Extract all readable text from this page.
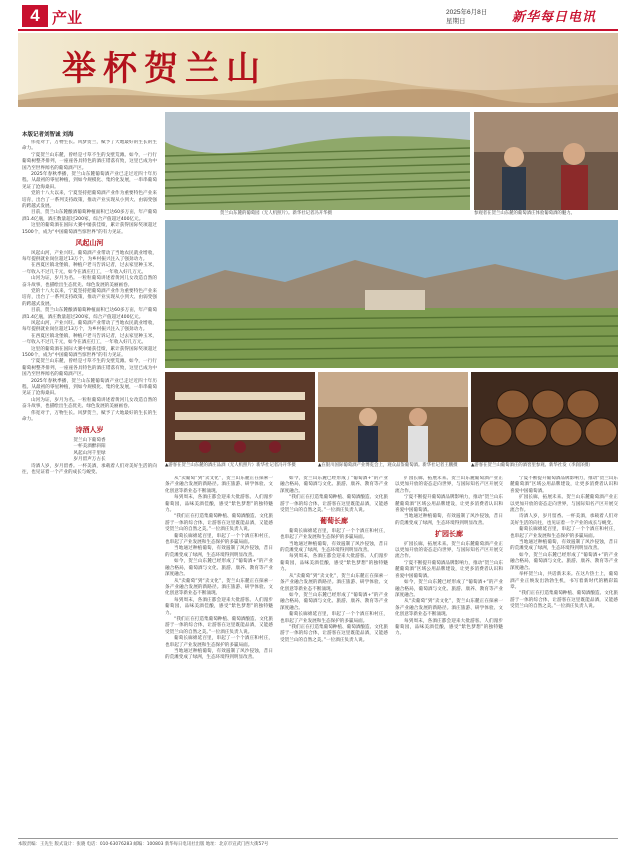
4 产业	2025年6月8日
星期日	新华每日电讯
举杯贺兰山
本版记者刘智诚 刘海
贺兰山东麓的葡萄园（无人机照片）。新华社记者冯开华摄	参观者在贺兰山东麓的葡萄酒庄体验葡萄酒的魅力。
▲游客在贺兰山东麓的酒庄品酒（无人机照片）新华社记者冯开华摄	▲在银川国际葡萄酒产业博览会上，观众品鉴葡萄酒。新华社记者王鹏摄	▲游客在贺兰山葡萄酒庄的酒窖里参观。新华社发（李润泽摄）

伟宽对于，万物生长。风梦贺兰，赋予了大地最好的生长的生命力。

宁夏贺兰山东麓，曾经是寸草不生的戈壁荒滩。如今，一行行葡萄树整齐排列，一座座各具特色的酒庄错落有致，这里已成为中国乃至世界闻名的葡萄酒产区。

2025年春秋季播，贺兰山东麓葡萄酒产业已走过近四十年历程。从最初的零星种植，到如今规模化、集约化发展，一串串葡萄见证了沧海桑田。

党的十八大以来，宁夏坚持把葡萄酒产业作为重要特色产业来培育，出台了一系列支持政策，推动产业实现从小到大、由弱变强的跨越式发展。

目前，贺兰山东麓酿酒葡萄种植面积已达60多万亩，年产葡萄酒1.4亿瓶，酒庄数量超过200家，综合产值超过400亿元。

这里的葡萄酒在国际大赛中屡获佳绩，累计获得国际奖项超过1500个，成为“中国葡萄酒当惊世界”的有力见证。

风起山河

风起山河，产业兴旺。葡萄酒产业带动了当地农民就业增收，每年提供就业岗位超过13万个，为乡村振兴注入了强劲动力。

在西夏区镇北堡镇，种植户老马告诉记者，过去家里种玉米，一年收入不过几千元，如今在酒庄打工，一年收入好几万元。

山河为证，岁月为名。一粒粒葡萄讲述着黄河儿女改造自然的奋斗故事，也描绘出生态优先、绿色发展的美丽画卷。

党的十八大以来，宁夏坚持把葡萄酒产业作为重要特色产业来培育，出台了一系列支持政策，推动产业实现从小到大、由弱变强的跨越式发展。

目前，贺兰山东麓酿酒葡萄种植面积已达60多万亩，年产葡萄酒1.4亿瓶，酒庄数量超过200家，综合产值超过400亿元。

风起山河，产业兴旺。葡萄酒产业带动了当地农民就业增收，每年提供就业岗位超过13万个，为乡村振兴注入了强劲动力。

在西夏区镇北堡镇，种植户老马告诉记者，过去家里种玉米，一年收入不过几千元，如今在酒庄打工，一年收入好几万元。

这里的葡萄酒在国际大赛中屡获佳绩，累计获得国际奖项超过1500个，成为“中国葡萄酒当惊世界”的有力见证。

宁夏贺兰山东麓，曾经是寸草不生的戈壁荒滩。如今，一行行葡萄树整齐排列，一座座各具特色的酒庄错落有致，这里已成为中国乃至世界闻名的葡萄酒产区。

2025年春秋季播，贺兰山东麓葡萄酒产业已走过近四十年历程。从最初的零星种植，到如今规模化、集约化发展，一串串葡萄见证了沧海桑田。

山河为证，岁月为名。一粒粒葡萄讲述着黄河儿女改造自然的奋斗故事，也描绘出生态优先、绿色发展的美丽画卷。

伟宽对于，万物生长。风梦贺兰，赋予了大地最好的生长的生命力。

诗酒人岁
贺兰山下葡萄香
一杯美酒醉斜阳
风起山河千里绿
岁月留声万古长

诗酒人岁，岁月留香。一杯美酒，承载着人们对美好生活的向往，也见证着一个产业的成长与蜕变。

从“卖葡萄”到“卖文化”，贺兰山东麓正在探索一条产业融合发展的新路径。酒庄旅游、研学体验、文化创意等新业态不断涌现。

每到周末，各酒庄都会迎来大批游客。人们漫步葡萄园，品味美酒佳酿，感受“紫色梦想”的独特魅力。

“我们正在打造集葡萄种植、葡萄酒酿造、文化旅游于一体的综合体，让游客在这里既能品酒，又能感受贺兰山的自然之美。”一位酒庄负责人说。

葡萄长廊绵延百里，串起了一个个酒庄和村庄，也串起了产业发展和生态保护的多赢局面。

当地通过种植葡萄，有效遏制了风沙侵蚀，昔日的荒滩变成了绿洲，生态环境得到明显改善。

如今，贺兰山东麓已经形成了“葡萄酒+”的产业融合格局，葡萄酒与文化、旅游、康养、教育等产业深度融合。

从“卖葡萄”到“卖文化”，贺兰山东麓正在探索一条产业融合发展的新路径。酒庄旅游、研学体验、文化创意等新业态不断涌现。

每到周末，各酒庄都会迎来大批游客。人们漫步葡萄园，品味美酒佳酿，感受“紫色梦想”的独特魅力。

“我们正在打造集葡萄种植、葡萄酒酿造、文化旅游于一体的综合体，让游客在这里既能品酒，又能感受贺兰山的自然之美。”一位酒庄负责人说。

葡萄长廊绵延百里，串起了一个个酒庄和村庄，也串起了产业发展和生态保护的多赢局面。

当地通过种植葡萄，有效遏制了风沙侵蚀，昔日的荒滩变成了绿洲，生态环境得到明显改善。

如今，贺兰山东麓已经形成了“葡萄酒+”的产业融合格局，葡萄酒与文化、旅游、康养、教育等产业深度融合。

“我们正在打造集葡萄种植、葡萄酒酿造、文化旅游于一体的综合体，让游客在这里既能品酒，又能感受贺兰山的自然之美。”一位酒庄负责人说。

葡萄长廊

葡萄长廊绵延百里，串起了一个个酒庄和村庄，也串起了产业发展和生态保护的多赢局面。

当地通过种植葡萄，有效遏制了风沙侵蚀，昔日的荒滩变成了绿洲，生态环境得到明显改善。

每到周末，各酒庄都会迎来大批游客。人们漫步葡萄园，品味美酒佳酿，感受“紫色梦想”的独特魅力。

从“卖葡萄”到“卖文化”，贺兰山东麓正在探索一条产业融合发展的新路径。酒庄旅游、研学体验、文化创意等新业态不断涌现。

如今，贺兰山东麓已经形成了“葡萄酒+”的产业融合格局，葡萄酒与文化、旅游、康养、教育等产业深度融合。

葡萄长廊绵延百里，串起了一个个酒庄和村庄，也串起了产业发展和生态保护的多赢局面。

“我们正在打造集葡萄种植、葡萄酒酿造、文化旅游于一体的综合体，让游客在这里既能品酒，又能感受贺兰山的自然之美。”一位酒庄负责人说。

扩园长廊，拓展未来。贺兰山东麓葡萄酒产业正以更加开放的姿态走向世界，与国际知名产区开展交流合作。

宁夏不断提升葡萄酒品牌影响力，推动“贺兰山东麓葡萄酒”区域公用品牌建设，让更多消费者认识和喜爱中国葡萄酒。

当地通过种植葡萄，有效遏制了风沙侵蚀，昔日的荒滩变成了绿洲，生态环境得到明显改善。

扩园长廊

扩园长廊，拓展未来。贺兰山东麓葡萄酒产业正以更加开放的姿态走向世界，与国际知名产区开展交流合作。

宁夏不断提升葡萄酒品牌影响力，推动“贺兰山东麓葡萄酒”区域公用品牌建设，让更多消费者认识和喜爱中国葡萄酒。

如今，贺兰山东麓已经形成了“葡萄酒+”的产业融合格局，葡萄酒与文化、旅游、康养、教育等产业深度融合。

从“卖葡萄”到“卖文化”，贺兰山东麓正在探索一条产业融合发展的新路径。酒庄旅游、研学体验、文化创意等新业态不断涌现。

每到周末，各酒庄都会迎来大批游客。人们漫步葡萄园，品味美酒佳酿，感受“紫色梦想”的独特魅力。

宁夏不断提升葡萄酒品牌影响力，推动“贺兰山东麓葡萄酒”区域公用品牌建设，让更多消费者认识和喜爱中国葡萄酒。

扩园长廊，拓展未来。贺兰山东麓葡萄酒产业正以更加开放的姿态走向世界，与国际知名产区开展交流合作。

诗酒人岁，岁月留香。一杯美酒，承载着人们对美好生活的向往，也见证着一个产业的成长与蜕变。

葡萄长廊绵延百里，串起了一个个酒庄和村庄，也串起了产业发展和生态保护的多赢局面。

当地通过种植葡萄，有效遏制了风沙侵蚀，昔日的荒滩变成了绿洲，生态环境得到明显改善。

如今，贺兰山东麓已经形成了“葡萄酒+”的产业融合格局，葡萄酒与文化、旅游、康养、教育等产业深度融合。

举杯贺兰山，共话新未来。在这片热土上，葡萄酒产业正焕发出勃勃生机，书写着新时代的精彩篇章。

“我们正在打造集葡萄种植、葡萄酒酿造、文化旅游于一体的综合体，让游客在这里既能品酒，又能感受贺兰山的自然之美。”一位酒庄负责人说。

本版责编：王先生 版式设计：张晓 电话：010-63076283 邮编：100803 新华每日电讯社出版 地址：北京市宣武门西大街57号
